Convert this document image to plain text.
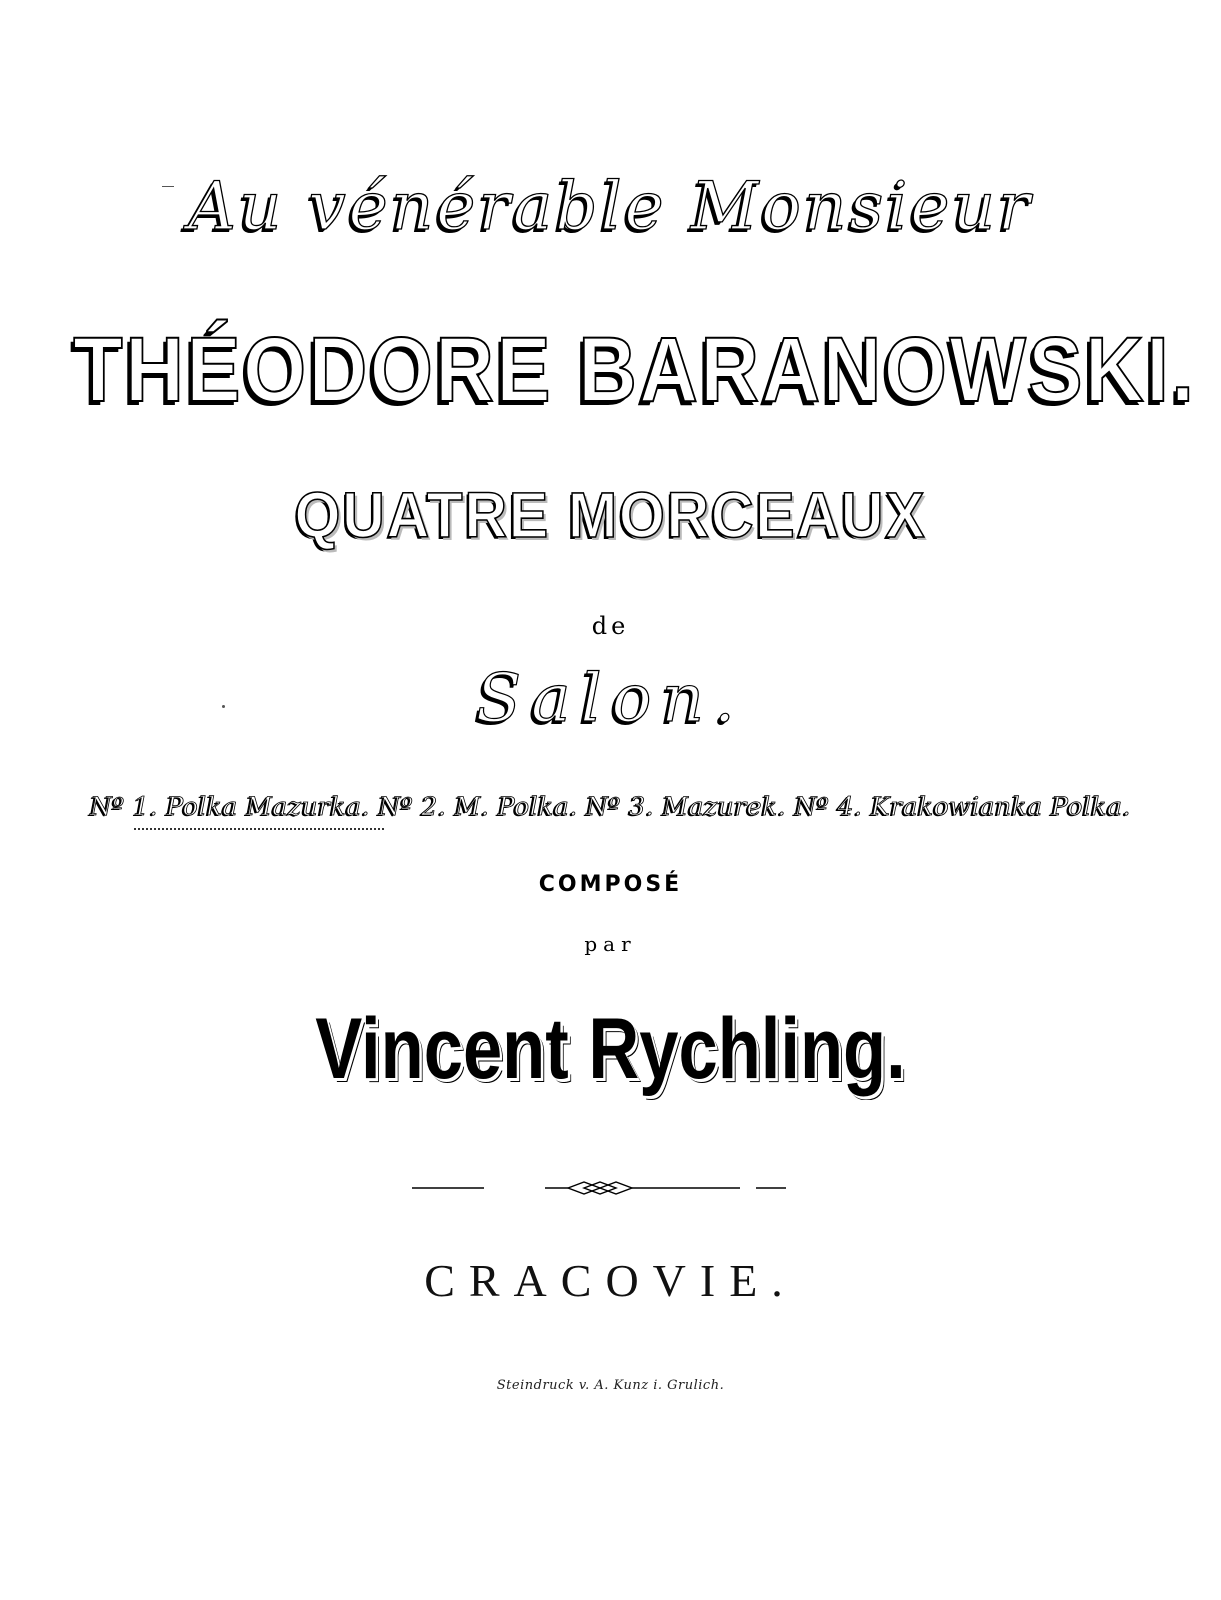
Au vénérable Monsieur
THÉODORE BARANOWSKI.
QUATRE MORCEAUX
de
Salon.
Nº 1. Polka Mazurka. Nº 2. M. Polka. Nº 3. Mazurek. Nº 4. Krakowianka Polka.
COMPOSÉ
par
Vincent Rychling.
CRACOVIE.
Steindruck v. A. Kunz i. Grulich.
